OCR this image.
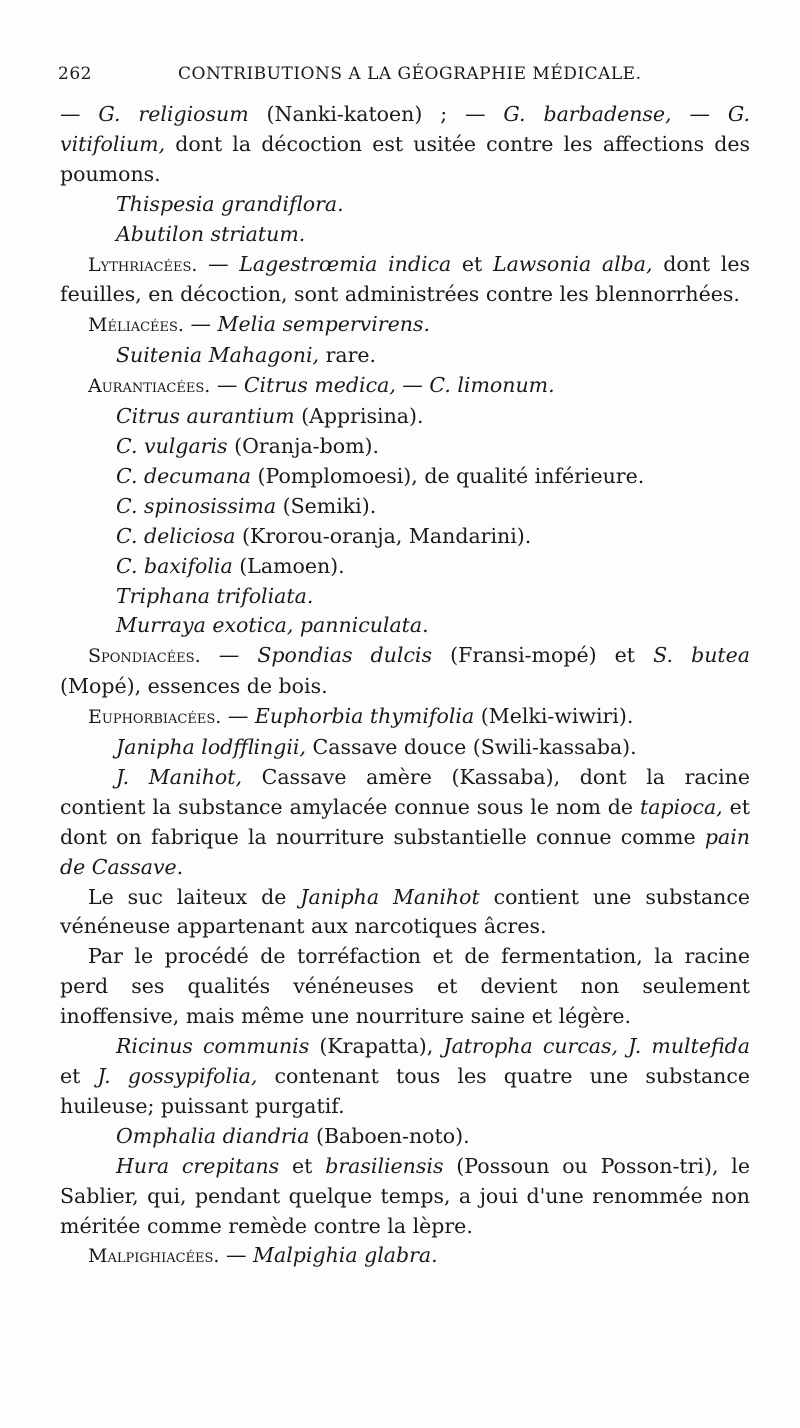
262	CONTRIBUTIONS A LA GÉOGRAPHIE MÉDICALE.

— G. religiosum (Nanki-katoen) ; — G. barbadense, — G. vitifolium, dont la décoction est usitée contre les affections des poumons.

Thispesia grandiflora.

Abutilon striatum.

Lythriacées. — Lagestrœmia indica et Lawsonia alba, dont les feuilles, en décoction, sont administrées contre les blennorrhées.

Méliacées. — Melia sempervirens.

Suitenia Mahagoni, rare.

Aurantiacées. — Citrus medica, — C. limonum.

Citrus aurantium (Apprisina).

C. vulgaris (Oranja-bom).

C. decumana (Pomplomoesi), de qualité inférieure.

C. spinosissima (Semiki).

C. deliciosa (Krorou-oranja, Mandarini).

C. baxifolia (Lamoen).

Triphana trifoliata.

Murraya exotica, panniculata.

Spondiacées. — Spondias dulcis (Fransi-mopé) et S. butea (Mopé), essences de bois.

Euphorbiacées. — Euphorbia thymifolia (Melki-wiwiri).

Janipha lodfflingii, Cassave douce (Swili-kassaba).

J. Manihot, Cassave amère (Kassaba), dont la racine contient la substance amylacée connue sous le nom de tapioca, et dont on fabrique la nourriture substantielle connue comme pain de Cassave.

Le suc laiteux de Janipha Manihot contient une substance vénéneuse appartenant aux narcotiques âcres.

Par le procédé de torréfaction et de fermentation, la racine perd ses qualités vénéneuses et devient non seulement inoffensive, mais même une nourriture saine et légère.

Ricinus communis (Krapatta), Jatropha curcas, J. multefida et J. gossypifolia, contenant tous les quatre une substance huileuse; puissant purgatif.

Omphalia diandria (Baboen-noto).

Hura crepitans et brasiliensis (Possoun ou Posson-tri), le Sablier, qui, pendant quelque temps, a joui d'une renommée non méritée comme remède contre la lèpre.

Malpighiacées. — Malpighia glabra.
